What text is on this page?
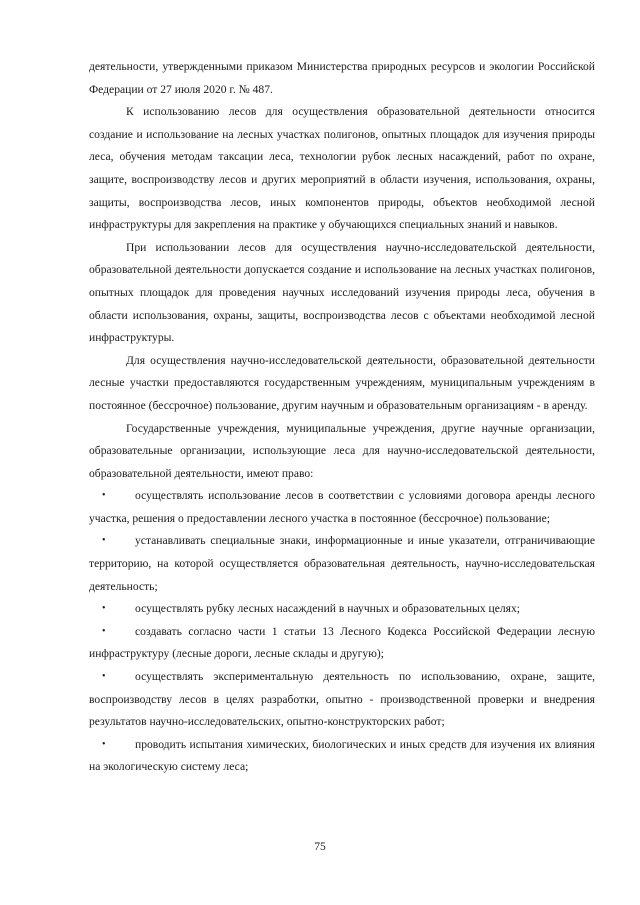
деятельности, утвержденными приказом Министерства природных ресурсов и экологии Российской Федерации от 27 июля 2020 г. № 487.

К использованию лесов для осуществления образовательной деятельности относится создание и использование на лесных участках полигонов, опытных площадок для изучения природы леса, обучения методам таксации леса, технологии рубок лесных насаждений, работ по охране, защите, воспроизводству лесов и других мероприятий в области изучения, использования, охраны, защиты, воспроизводства лесов, иных компонентов природы, объектов необходимой лесной инфраструктуры для закрепления на практике у обучающихся специальных знаний и навыков.

При использовании лесов для осуществления научно-исследовательской деятельности, образовательной деятельности допускается создание и использование на лесных участках полигонов, опытных площадок для проведения научных исследований изучения природы леса, обучения в области использования, охраны, защиты, воспроизводства лесов с объектами необходимой лесной инфраструктуры.

Для осуществления научно-исследовательской деятельности, образовательной деятельности лесные участки предоставляются государственным учреждениям, муниципальным учреждениям в постоянное (бессрочное) пользование, другим научным и образовательным организациям - в аренду.

Государственные учреждения, муниципальные учреждения, другие научные организации, образовательные организации, использующие леса для научно-исследовательской деятельности, образовательной деятельности, имеют право:

•	осуществлять использование лесов в соответствии с условиями договора аренды лесного участка, решения о предоставлении лесного участка в постоянное (бессрочное) пользование;

•	устанавливать специальные знаки, информационные и иные указатели, отграничивающие территорию, на которой осуществляется образовательная деятельность, научно-исследовательская деятельность;

•	осуществлять рубку лесных насаждений в научных и образовательных целях;

•	создавать согласно части 1 статьи 13 Лесного Кодекса Российской Федерации лесную инфраструктуру (лесные дороги, лесные склады и другую);

•	осуществлять экспериментальную деятельность по использованию, охране, защите, воспроизводству лесов в целях разработки, опытно - производственной проверки и внедрения результатов научно-исследовательских, опытно-конструкторских работ;

•	проводить испытания химических, биологических и иных средств для изучения их влияния на экологическую систему леса;

75
